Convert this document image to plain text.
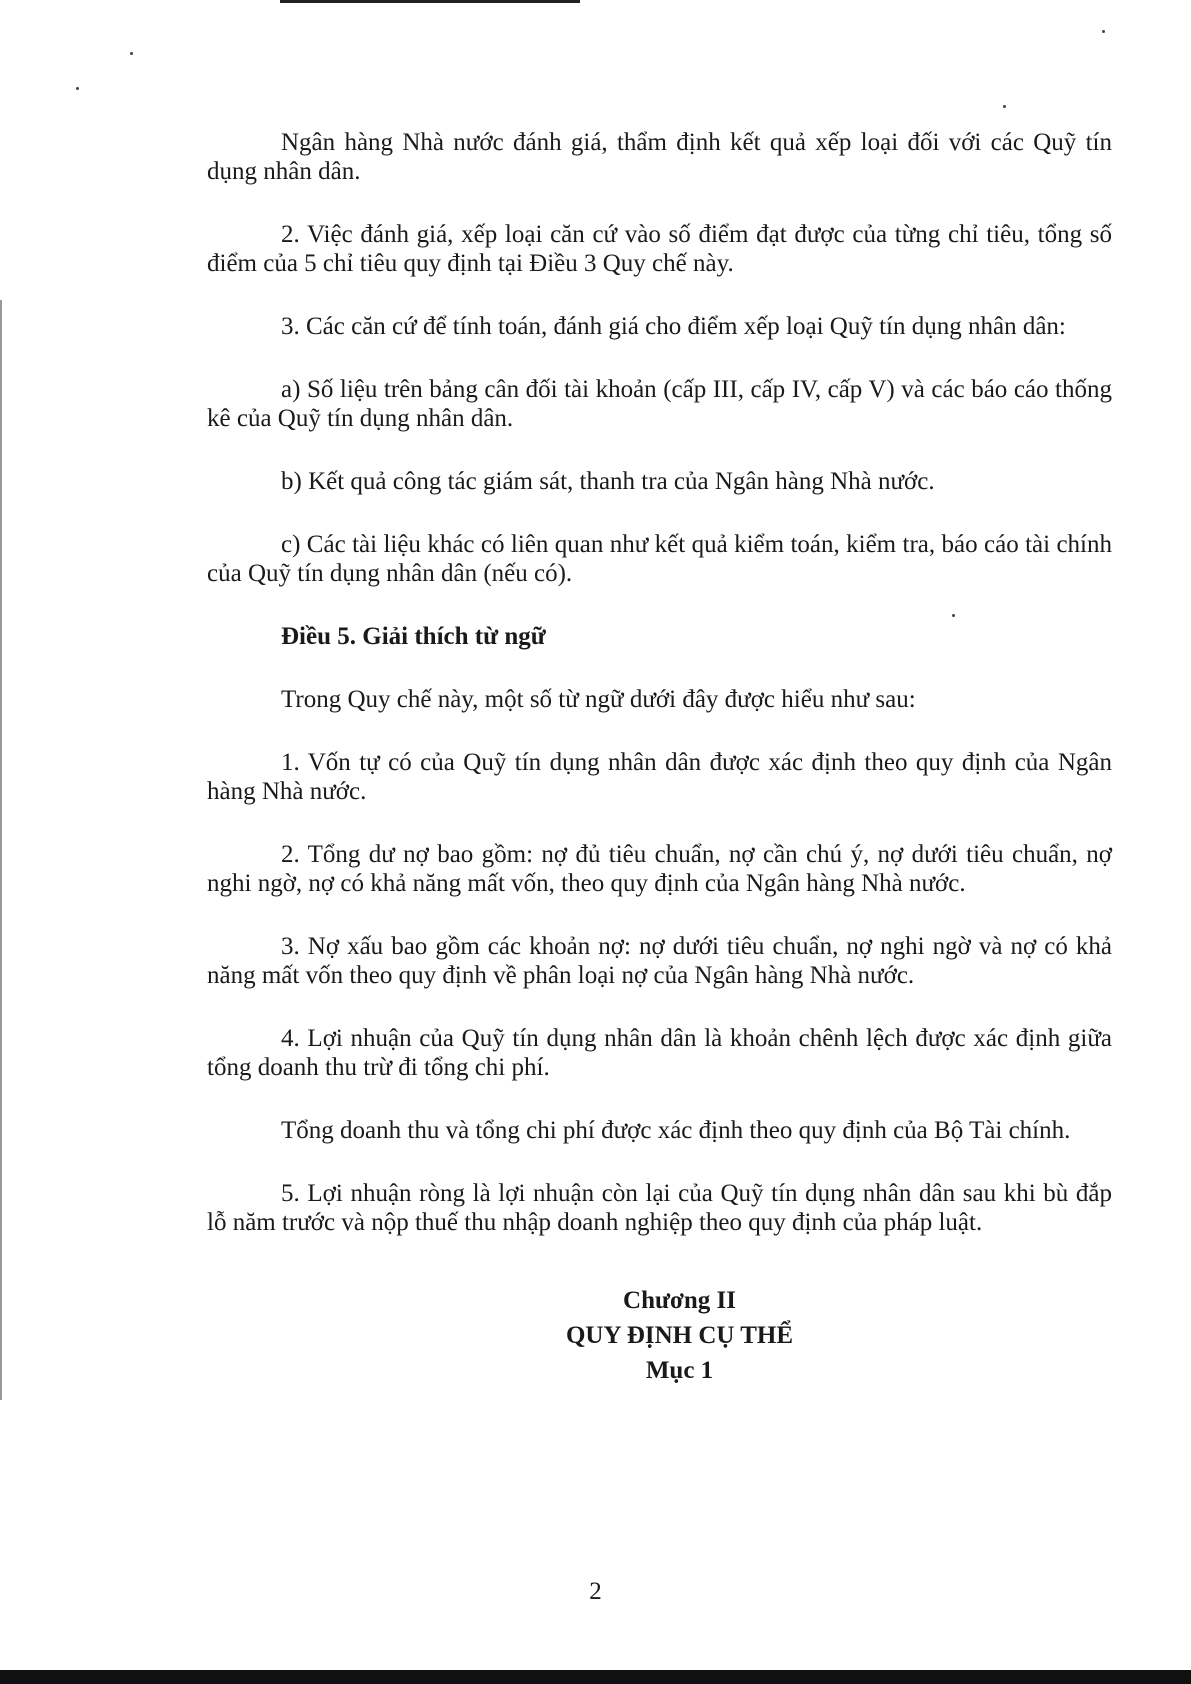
Ngân hàng Nhà nước đánh giá, thẩm định kết quả xếp loại đối với các Quỹ tín dụng nhân dân.

2. Việc đánh giá, xếp loại căn cứ vào số điểm đạt được của từng chỉ tiêu, tổng số điểm của 5 chỉ tiêu quy định tại Điều 3 Quy chế này.

3. Các căn cứ để tính toán, đánh giá cho điểm xếp loại Quỹ tín dụng nhân dân:

a) Số liệu trên bảng cân đối tài khoản (cấp III, cấp IV, cấp V) và các báo cáo thống kê của Quỹ tín dụng nhân dân.

b) Kết quả công tác giám sát, thanh tra của Ngân hàng Nhà nước.

c) Các tài liệu khác có liên quan như kết quả kiểm toán, kiểm tra, báo cáo tài chính của Quỹ tín dụng nhân dân (nếu có).

Điều 5. Giải thích từ ngữ

Trong Quy chế này, một số từ ngữ dưới đây được hiểu như sau:

1. Vốn tự có của Quỹ tín dụng nhân dân được xác định theo quy định của Ngân hàng Nhà nước.

2. Tổng dư nợ bao gồm: nợ đủ tiêu chuẩn, nợ cần chú ý, nợ dưới tiêu chuẩn, nợ nghi ngờ, nợ có khả năng mất vốn, theo quy định của Ngân hàng Nhà nước.

3. Nợ xấu bao gồm các khoản nợ: nợ dưới tiêu chuẩn, nợ nghi ngờ và nợ có khả năng mất vốn theo quy định về phân loại nợ của Ngân hàng Nhà nước.

4. Lợi nhuận của Quỹ tín dụng nhân dân là khoản chênh lệch được xác định giữa tổng doanh thu trừ đi tổng chi phí.

Tổng doanh thu và tổng chi phí được xác định theo quy định của Bộ Tài chính.

5. Lợi nhuận ròng là lợi nhuận còn lại của Quỹ tín dụng nhân dân sau khi bù đắp lỗ năm trước và nộp thuế thu nhập doanh nghiệp theo quy định của pháp luật.

Chương II
QUY ĐỊNH CỤ THỂ
Mục 1
2
